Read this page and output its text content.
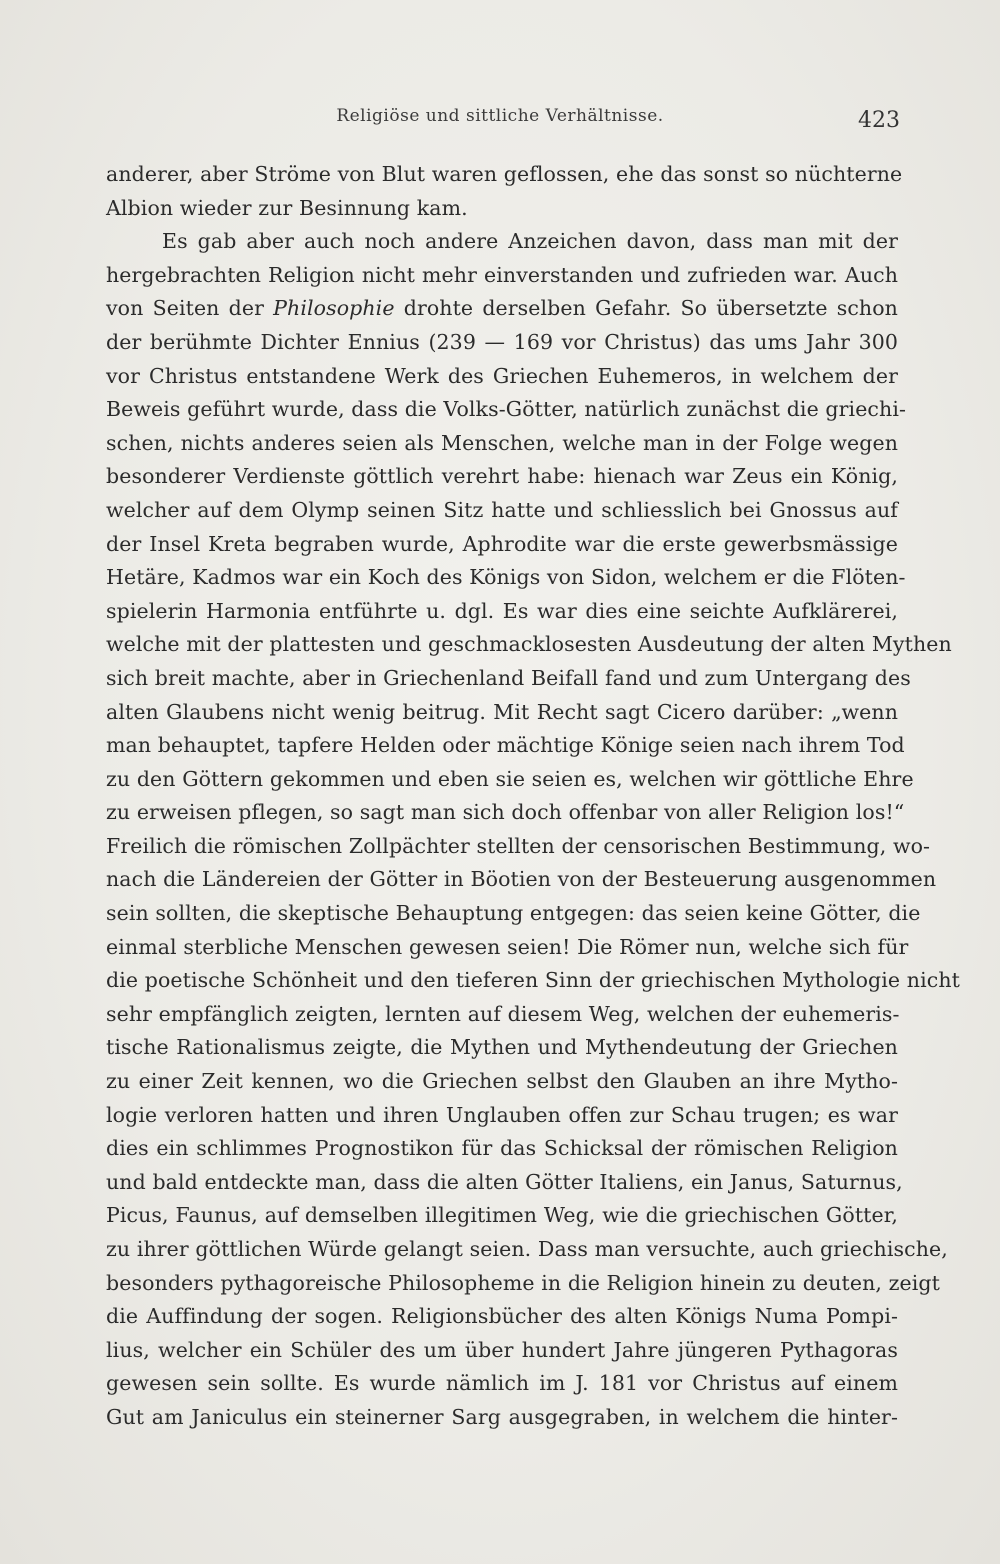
Religiöse und sittliche Verhältnisse.	423
anderer, aber Ströme von Blut waren geflossen, ehe das sonst so nüchterne
Albion wieder zur Besinnung kam.
Es gab aber auch noch andere Anzeichen davon, dass man mit der
hergebrachten Religion nicht mehr einverstanden und zufrieden war. Auch
von Seiten der Philosophie drohte derselben Gefahr. So übersetzte schon
der berühmte Dichter Ennius (239 — 169 vor Christus) das ums Jahr 300
vor Christus entstandene Werk des Griechen Euhemeros, in welchem der
Beweis geführt wurde, dass die Volks-Götter, natürlich zunächst die griechi-
schen, nichts anderes seien als Menschen, welche man in der Folge wegen
besonderer Verdienste göttlich verehrt habe: hienach war Zeus ein König,
welcher auf dem Olymp seinen Sitz hatte und schliesslich bei Gnossus auf
der Insel Kreta begraben wurde, Aphrodite war die erste gewerbsmässige
Hetäre, Kadmos war ein Koch des Königs von Sidon, welchem er die Flöten-
spielerin Harmonia entführte u. dgl. Es war dies eine seichte Aufklärerei,
welche mit der plattesten und geschmacklosesten Ausdeutung der alten Mythen
sich breit machte, aber in Griechenland Beifall fand und zum Untergang des
alten Glaubens nicht wenig beitrug. Mit Recht sagt Cicero darüber: „wenn
man behauptet, tapfere Helden oder mächtige Könige seien nach ihrem Tod
zu den Göttern gekommen und eben sie seien es, welchen wir göttliche Ehre
zu erweisen pflegen, so sagt man sich doch offenbar von aller Religion los!“
Freilich die römischen Zollpächter stellten der censorischen Bestimmung, wo-
nach die Ländereien der Götter in Böotien von der Besteuerung ausgenommen
sein sollten, die skeptische Behauptung entgegen: das seien keine Götter, die
einmal sterbliche Menschen gewesen seien! Die Römer nun, welche sich für
die poetische Schönheit und den tieferen Sinn der griechischen Mythologie nicht
sehr empfänglich zeigten, lernten auf diesem Weg, welchen der euhemeris-
tische Rationalismus zeigte, die Mythen und Mythendeutung der Griechen
zu einer Zeit kennen, wo die Griechen selbst den Glauben an ihre Mytho-
logie verloren hatten und ihren Unglauben offen zur Schau trugen; es war
dies ein schlimmes Prognostikon für das Schicksal der römischen Religion
und bald entdeckte man, dass die alten Götter Italiens, ein Janus, Saturnus,
Picus, Faunus, auf demselben illegitimen Weg, wie die griechischen Götter,
zu ihrer göttlichen Würde gelangt seien. Dass man versuchte, auch griechische,
besonders pythagoreische Philosopheme in die Religion hinein zu deuten, zeigt
die Auffindung der sogen. Religionsbücher des alten Königs Numa Pompi-
lius, welcher ein Schüler des um über hundert Jahre jüngeren Pythagoras
gewesen sein sollte. Es wurde nämlich im J. 181 vor Christus auf einem
Gut am Janiculus ein steinerner Sarg ausgegraben, in welchem die hinter-
